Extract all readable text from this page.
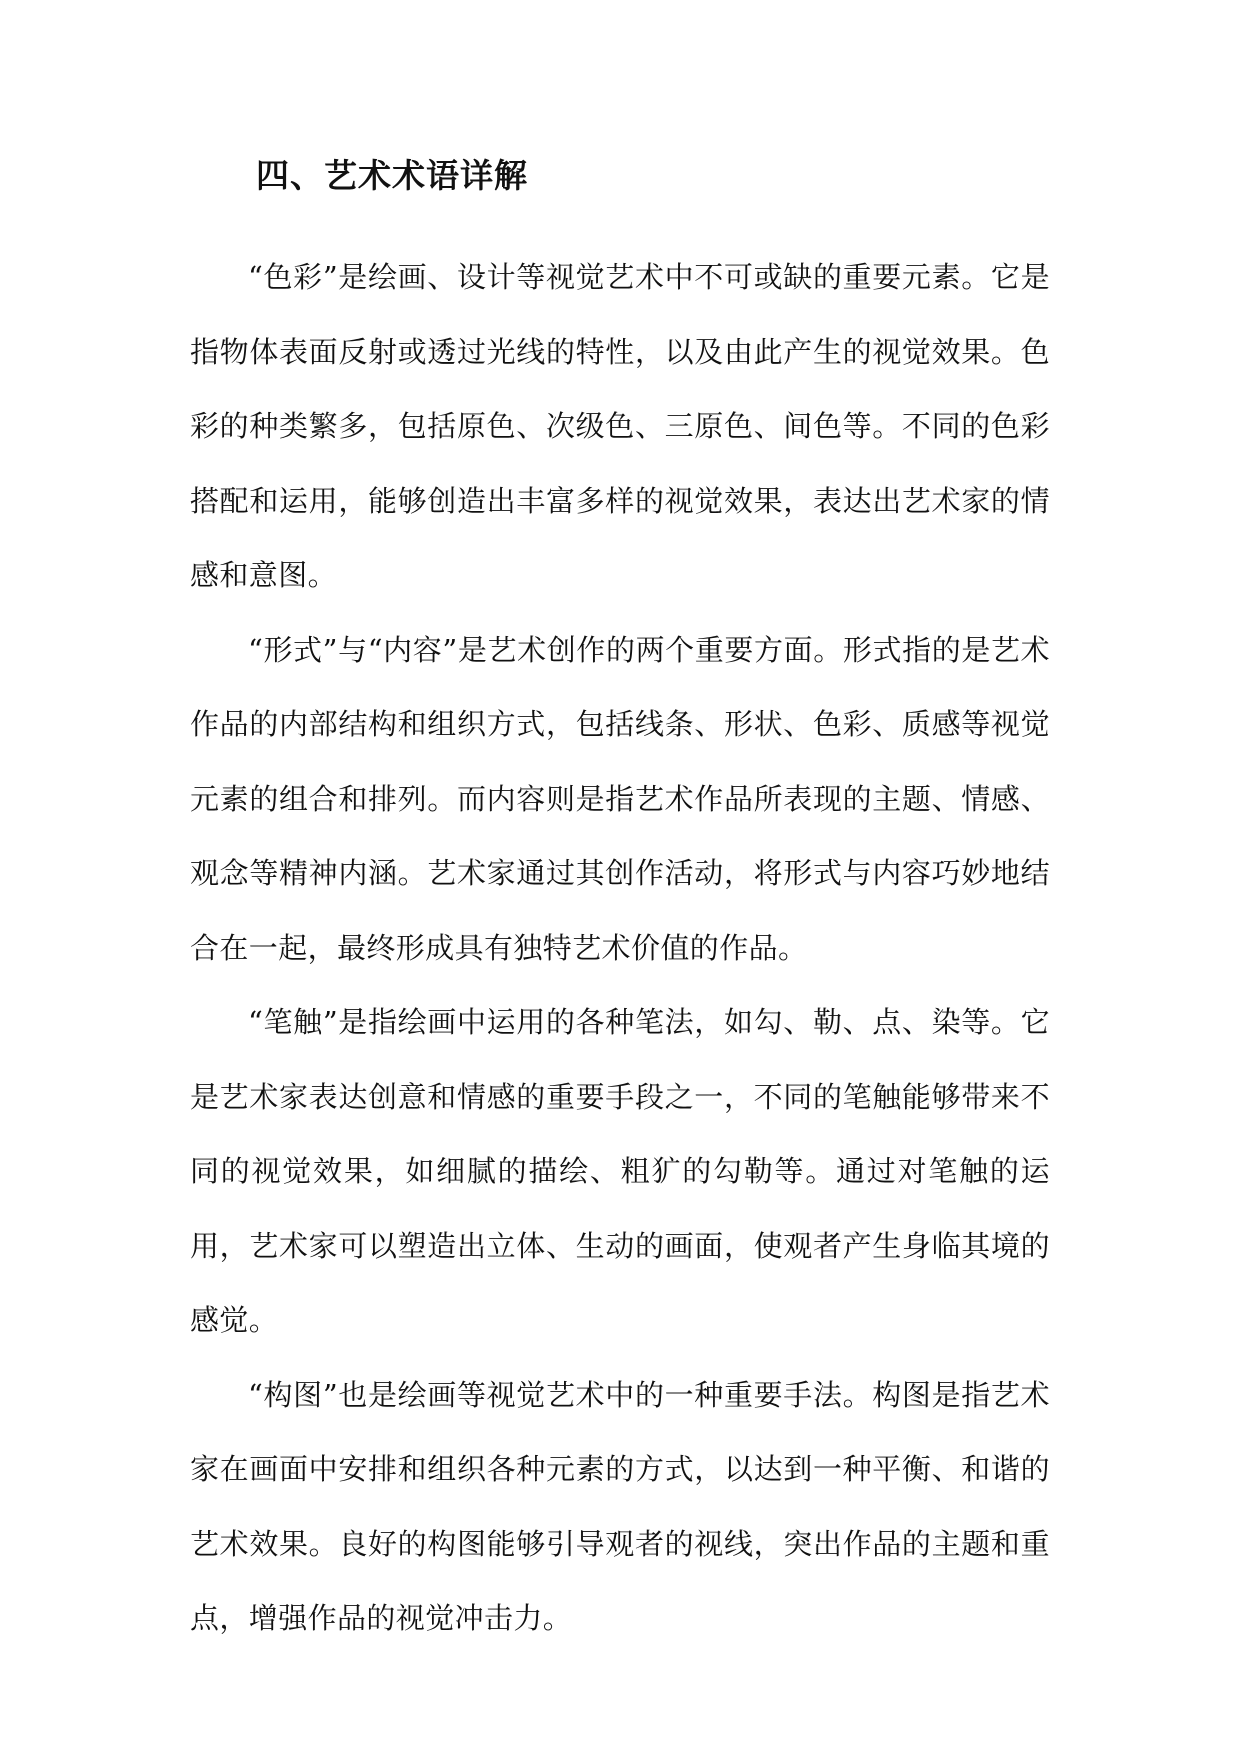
四、艺术术语详解

“色彩”是绘画、设计等视觉艺术中不可或缺的重要元素。它是指物体表面反射或透过光线的特性，以及由此产生的视觉效果。色彩的种类繁多，包括原色、次级色、三原色、间色等。不同的色彩搭配和运用，能够创造出丰富多样的视觉效果，表达出艺术家的情感和意图。

“形式”与“内容”是艺术创作的两个重要方面。形式指的是艺术作品的内部结构和组织方式，包括线条、形状、色彩、质感等视觉元素的组合和排列。而内容则是指艺术作品所表现的主题、情感、观念等精神内涵。艺术家通过其创作活动，将形式与内容巧妙地结合在一起，最终形成具有独特艺术价值的作品。

“笔触”是指绘画中运用的各种笔法，如勾、勒、点、染等。它是艺术家表达创意和情感的重要手段之一，不同的笔触能够带来不同的视觉效果，如细腻的描绘、粗犷的勾勒等。通过对笔触的运用，艺术家可以塑造出立体、生动的画面，使观者产生身临其境的感觉。

“构图”也是绘画等视觉艺术中的一种重要手法。构图是指艺术家在画面中安排和组织各种元素的方式，以达到一种平衡、和谐的艺术效果。良好的构图能够引导观者的视线，突出作品的主题和重点，增强作品的视觉冲击力。
